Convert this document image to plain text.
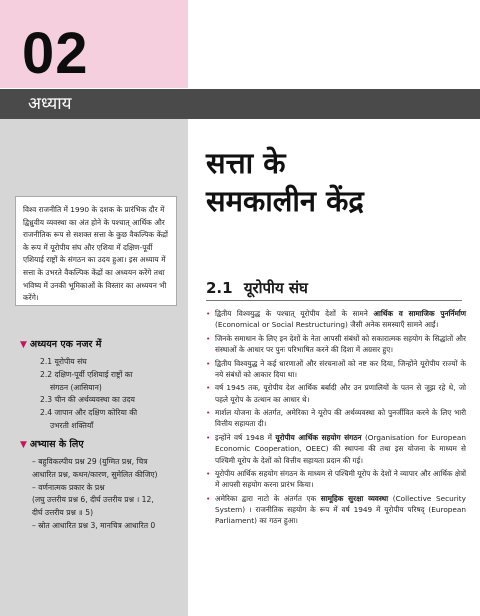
02
अध्याय
सत्ता के
समकालीन केंद्र
विश्व राजनीति में 1990 के दशक के प्रारंभिक दौर में द्विध्रुवीय व्यवस्था का अंत होने के पश्चात् आर्थिक और राजनीतिक रूप से सशक्त सत्ता के कुछ वैकल्पिक केंद्रों के रूप में यूरोपीय संघ और एशिया में दक्षिण-पूर्वी एशियाई राष्ट्रों के संगठन का उदय हुआ। इस अध्याय में सत्ता के उभरते वैकल्पिक केंद्रों का अध्ययन करेंगे तथा भविष्य में उनकी भूमिकाओं के विस्तार का अध्ययन भी करेंगे।
▼ अध्ययन एक नजर में
2.1 यूरोपीय संघ
2.2 दक्षिण-पूर्वी एशियाई राष्ट्रों का
संगठन (आसियान)
2.3 चीन की अर्थव्यवस्था का उदय
2.4 जापान और दक्षिण कोरिया की
उभरती शक्तियाँ
▼ अभ्यास के लिए
– बहुविकल्पीय प्रश्न 29 (युग्मित प्रश्न, चित्र
आधारित प्रश्न, कथन/कारण, सुमेलित कीजिए)
– वर्णनात्मक प्रकार के प्रश्न
(लघु उत्तरीय प्रश्न 6, दीर्घ उत्तरीय प्रश्न । 12,
दीर्घ उत्तरीय प्रश्न ॥ 5)
– स्रोत आधारित प्रश्न 3, मानचित्र आधारित 0
2.1 यूरोपीय संघ
• द्वितीय विश्वयुद्ध के पश्चात् यूरोपीय देशों के सामने आर्थिक व सामाजिक पुनर्निर्माण (Economical or Social Restructuring) जैसी अनेक समस्याएँ सामने आईं।
• जिनके समाधान के लिए इन देशों के नेता आपसी संबंधों को सकारात्मक सहयोग के सिद्धांतों और संस्थाओं के आधार पर पुनः परिभाषित करने की दिशा में अग्रसर हुए।
• द्वितीय विश्वयुद्ध ने कई धारणाओं और संरचनाओं को नष्ट कर दिया, जिन्होंने यूरोपीय राज्यों के नये संबंधों को आकार दिया था।
• वर्ष 1945 तक, यूरोपीय देश आर्थिक बर्बादी और उन प्रणालियों के पतन से जूझ रहे थे, जो पहले यूरोप के उत्थान का आधार थे।
• मार्शल योजना के अंतर्गत, अमेरिका ने यूरोप की अर्थव्यवस्था को पुनर्जीवित करने के लिए भारी वित्तीय सहायता दी।
• इन्होंने वर्ष 1948 में यूरोपीय आर्थिक सहयोग संगठन (Organisation for European Economic Cooperation, OEEC) की स्थापना की तथा इस योजना के माध्यम से पश्चिमी यूरोप के देशों को वित्तीय सहायता प्रदान की गई।
• यूरोपीय आर्थिक सहयोग संगठन के माध्यम से पश्चिमी यूरोप के देशों ने व्यापार और आर्थिक क्षेत्रों में आपसी सहयोग करना प्रारंभ किया।
• अमेरिका द्वारा नाटो के अंतर्गत एक सामूहिक सुरक्षा व्यवस्था (Collective Security System) । राजनीतिक सहयोग के रूप में वर्ष 1949 में यूरोपीय परिषद् (European Parliament) का गठन हुआ।
